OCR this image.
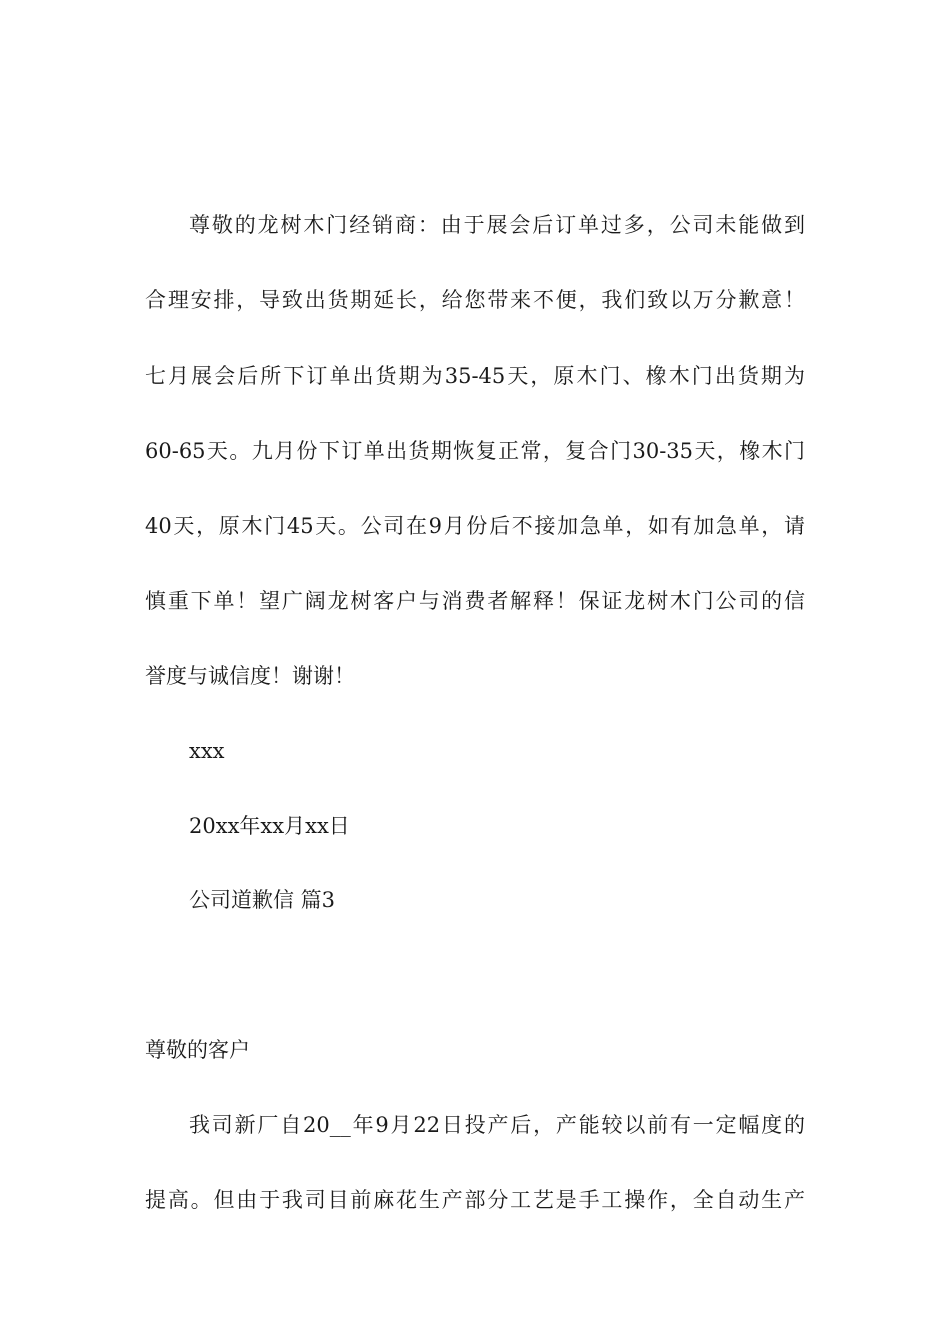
尊敬的龙树木门经销商：由于展会后订单过多，公司未能做到
合理安排，导致出货期延长，给您带来不便，我们致以万分歉意！
七月展会后所下订单出货期为35-45天，原木门、橡木门出货期为
60-65天。九月份下订单出货期恢复正常，复合门30-35天，橡木门
40天，原木门45天。公司在9月份后不接加急单，如有加急单，请
慎重下单！望广阔龙树客户与消费者解释！保证龙树木门公司的信
誉度与诚信度！谢谢！
xxx
20xx年xx月xx日
公司道歉信 篇3
尊敬的客户
我司新厂自20__年9月22日投产后，产能较以前有一定幅度的
提高。但由于我司目前麻花生产部分工艺是手工操作，全自动生产
